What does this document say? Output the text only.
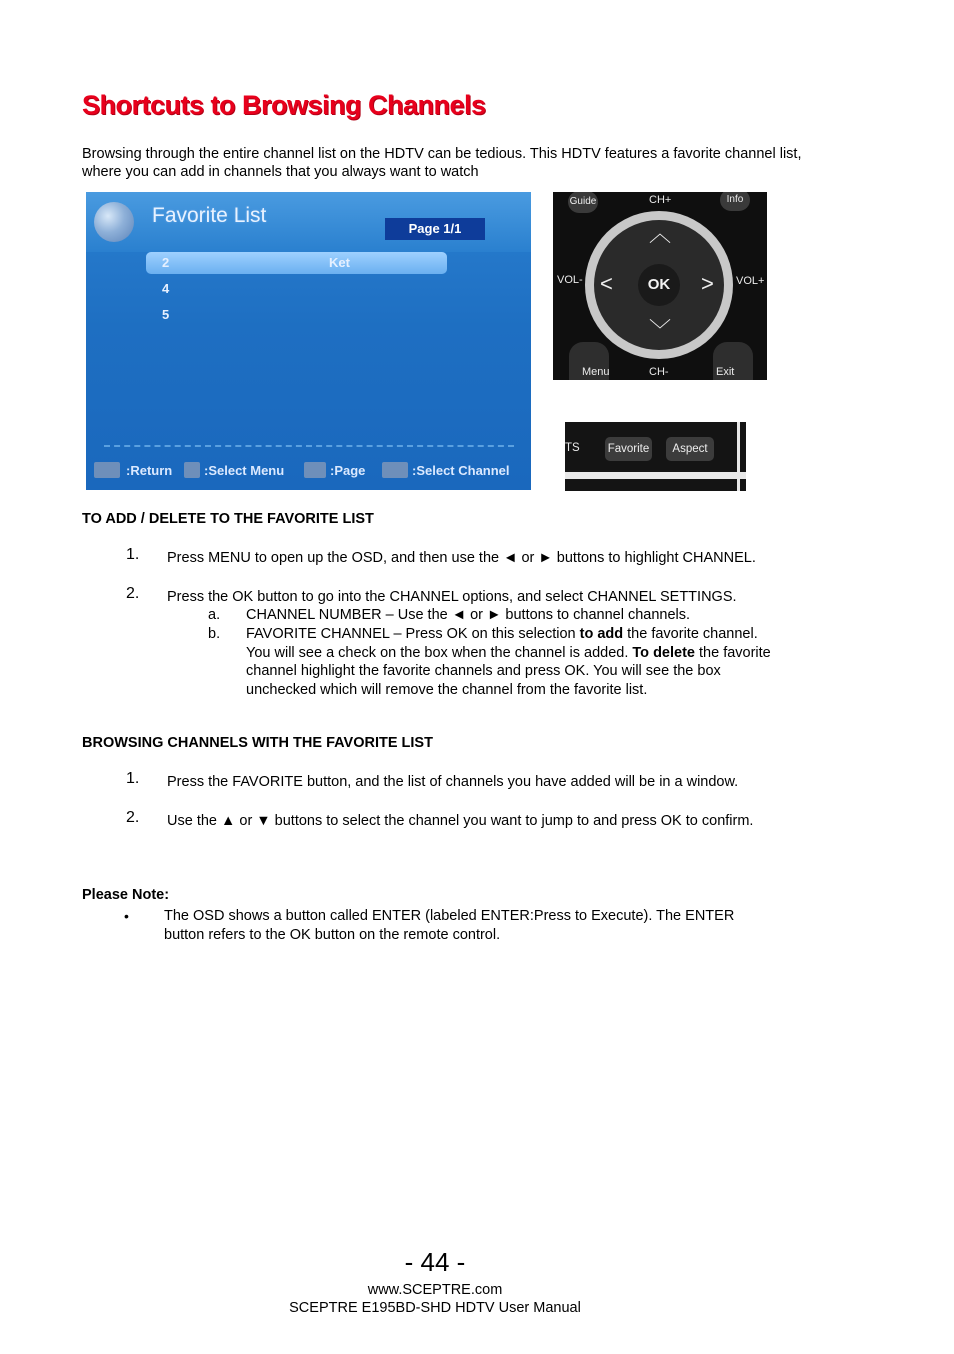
Shortcuts to Browsing Channels
Browsing through the entire channel list on the HDTV can be tedious. This HDTV features a favorite channel list, where you can add in channels that you always want to watch
Favorite List
Page 1/1
2	Ket
4
5
:Return :Select Menu	:Page	:Select Channel
Guide	CH+	Info
︿
﹀
<	>
OK
VOL-	VOL+
Menu	CH-	Exit
TS Favorite	Aspect
TO ADD / DELETE TO THE FAVORITE LIST
1. Press MENU to open up the OSD, and then use the ◄ or ► buttons to highlight CHANNEL.
2. Press the OK button to go into the CHANNEL options, and select CHANNEL SETTINGS.
a. CHANNEL NUMBER – Use the ◄ or ► buttons to channel channels.
b. FAVORITE CHANNEL – Press OK on this selection to add the favorite channel. You will see a check on the box when the channel is added. To delete the favorite channel highlight the favorite channels and press OK. You will see the box unchecked which will remove the channel from the favorite list.
BROWSING CHANNELS WITH THE FAVORITE LIST
1. Press the FAVORITE button, and the list of channels you have added will be in a window.
2. Use the ▲ or ▼ buttons to select the channel you want to jump to and press OK to confirm.
Please Note:
• The OSD shows a button called ENTER (labeled ENTER:Press to Execute). The ENTER button refers to the OK button on the remote control.
- 44 -
www.SCEPTRE.com
SCEPTRE E195BD-SHD HDTV User Manual
